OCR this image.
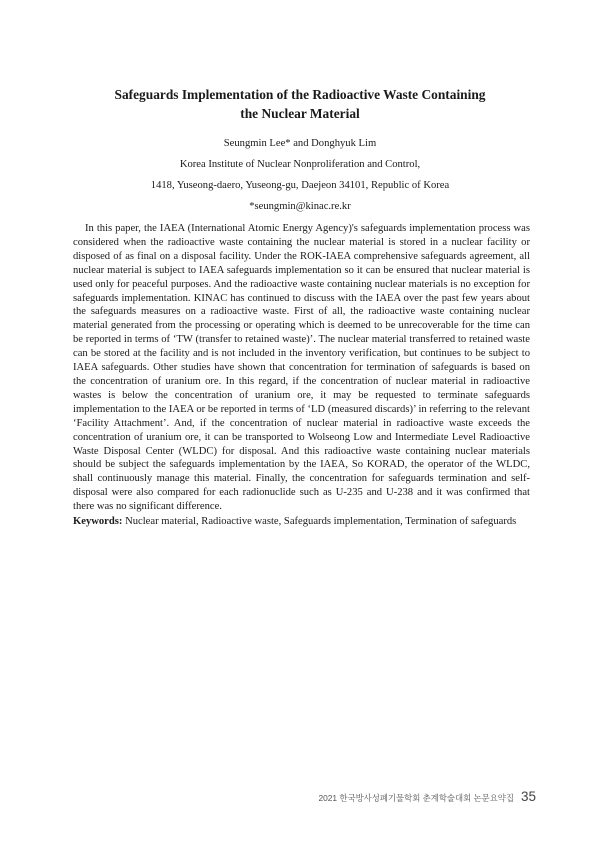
Safeguards Implementation of the Radioactive Waste Containing
the Nuclear Material
Seungmin Lee* and Donghyuk Lim
Korea Institute of Nuclear Nonproliferation and Control,
1418, Yuseong-daero, Yuseong-gu, Daejeon 34101, Republic of Korea
*seungmin@kinac.re.kr

In this paper, the IAEA (International Atomic Energy Agency)'s safeguards implementation process was considered when the radioactive waste containing the nuclear material is stored in a nuclear facility or disposed of as final on a disposal facility. Under the ROK-IAEA comprehensive safeguards agreement, all nuclear material is subject to IAEA safeguards implementation so it can be ensured that nuclear material is used only for peaceful purposes. And the radioactive waste containing nuclear materials is no exception for safeguards implementation. KINAC has continued to discuss with the IAEA over the past few years about the safeguards measures on a radioactive waste. First of all, the radioactive waste containing nuclear material generated from the processing or operating which is deemed to be unrecoverable for the time can be reported in terms of ‘TW (transfer to retained waste)’. The nuclear material transferred to retained waste can be stored at the facility and is not included in the inventory verification, but continues to be subject to IAEA safeguards. Other studies have shown that concentration for termination of safeguards is based on the concentration of uranium ore. In this regard, if the concentration of nuclear material in radioactive wastes is below the concentration of uranium ore, it may be requested to terminate safeguards implementation to the IAEA or be reported in terms of ‘LD (measured discards)’ in referring to the relevant ‘Facility Attachment’. And, if the concentration of nuclear material in radioactive waste exceeds the concentration of uranium ore, it can be transported to Wolseong Low and Intermediate Level Radioactive Waste Disposal Center (WLDC) for disposal. And this radioactive waste containing nuclear materials should be subject the safeguards implementation by the IAEA, So KORAD, the operator of the WLDC, shall continuously manage this material. Finally, the concentration for safeguards termination and self-disposal were also compared for each radionuclide such as U-235 and U-238 and it was confirmed that there was no significant difference.

Keywords: Nuclear material, Radioactive waste, Safeguards implementation, Termination of safeguards
2021 한국방사성폐기물학회 춘계학술대회 논문요약집 35
